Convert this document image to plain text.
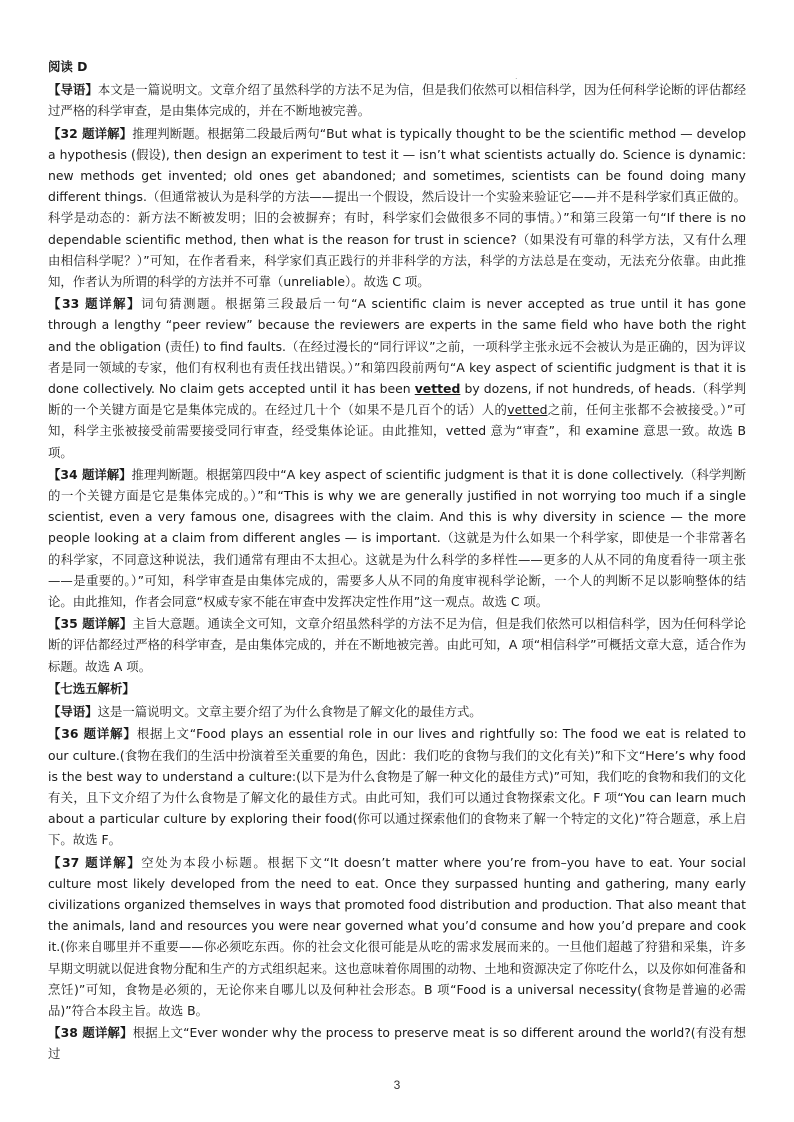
.
阅读 D

【导语】本文是一篇说明文。文章介绍了虽然科学的方法不足为信，但是我们依然可以相信科学，因为任何科学论断的评估都经过严格的科学审查，是由集体完成的，并在不断地被完善。

【32 题详解】推理判断题。根据第二段最后两句“But what is typically thought to be the scientific method — develop a hypothesis (假设), then design an experiment to test it — isn’t what scientists actually do. Science is dynamic: new methods get invented; old ones get abandoned; and sometimes, scientists can be found doing many different things.（但通常被认为是科学的方法——提出一个假设，然后设计一个实验来验证它——并不是科学家们真正做的。科学是动态的：新方法不断被发明；旧的会被摒弃；有时，科学家们会做很多不同的事情。）”和第三段第一句“If there is no dependable scientific method, then what is the reason for trust in science?（如果没有可靠的科学方法，又有什么理由相信科学呢？）”可知，在作者看来，科学家们真正践行的并非科学的方法，科学的方法总是在变动，无法充分依靠。由此推知，作者认为所谓的科学的方法并不可靠（unreliable）。故选 C 项。

【33 题详解】词句猜测题。根据第三段最后一句“A scientific claim is never accepted as true until it has gone through a lengthy “peer review” because the reviewers are experts in the same field who have both the right and the obligation (责任) to find faults.（在经过漫长的“同行评议”之前，一项科学主张永远不会被认为是正确的，因为评议者是同一领域的专家，他们有权利也有责任找出错误。）”和第四段前两句“A key aspect of scientific judgment is that it is done collectively. No claim gets accepted until it has been vetted by dozens, if not hundreds, of heads.（科学判断的一个关键方面是它是集体完成的。在经过几十个（如果不是几百个的话）人的vetted之前，任何主张都不会被接受。）”可知，科学主张被接受前需要接受同行审查，经受集体论证。由此推知，vetted 意为“审查”，和 examine 意思一致。故选 B 项。

【34 题详解】推理判断题。根据第四段中“A key aspect of scientific judgment is that it is done collectively.（科学判断的一个关键方面是它是集体完成的。）”和“This is why we are generally justified in not worrying too much if a single scientist, even a very famous one, disagrees with the claim. And this is why diversity in science — the more people looking at a claim from different angles — is important.（这就是为什么如果一个科学家，即使是一个非常著名的科学家，不同意这种说法，我们通常有理由不太担心。这就是为什么科学的多样性——更多的人从不同的角度看待一项主张——是重要的。）”可知，科学审查是由集体完成的，需要多人从不同的角度审视科学论断，一个人的判断不足以影响整体的结论。由此推知，作者会同意“权威专家不能在审查中发挥决定性作用”这一观点。故选 C 项。

【35 题详解】主旨大意题。通读全文可知，文章介绍虽然科学的方法不足为信，但是我们依然可以相信科学，因为任何科学论断的评估都经过严格的科学审查，是由集体完成的，并在不断地被完善。由此可知，A 项“相信科学”可概括文章大意，适合作为标题。故选 A 项。

【七选五解析】

【导语】这是一篇说明文。文章主要介绍了为什么食物是了解文化的最佳方式。

【36 题详解】根据上文“Food plays an essential role in our lives and rightfully so: The food we eat is related to our culture.(食物在我们的生活中扮演着至关重要的角色，因此：我们吃的食物与我们的文化有关)”和下文“Here’s why food is the best way to understand a culture:(以下是为什么食物是了解一种文化的最佳方式)”可知，我们吃的食物和我们的文化有关，且下文介绍了为什么食物是了解文化的最佳方式。由此可知，我们可以通过食物探索文化。F 项“You can learn much about a particular culture by exploring their food(你可以通过探索他们的食物来了解一个特定的文化)”符合题意，承上启下。故选 F。

【37 题详解】空处为本段小标题。根据下文“It doesn’t matter where you’re from–you have to eat. Your social culture most likely developed from the need to eat. Once they surpassed hunting and gathering, many early civilizations organized themselves in ways that promoted food distribution and production. That also meant that the animals, land and resources you were near governed what you’d consume and how you’d prepare and cook it.(你来自哪里并不重要——你必须吃东西。你的社会文化很可能是从吃的需求发展而来的。一旦他们超越了狩猎和采集，许多早期文明就以促进食物分配和生产的方式组织起来。这也意味着你周围的动物、土地和资源决定了你吃什么，以及你如何准备和烹饪)”可知，食物是必须的，无论你来自哪儿以及何种社会形态。B 项“Food is a universal necessity(食物是普遍的必需品)”符合本段主旨。故选 B。

【38 题详解】根据上文“Ever wonder why the process to preserve meat is so different around the world?(有没有想过

3
